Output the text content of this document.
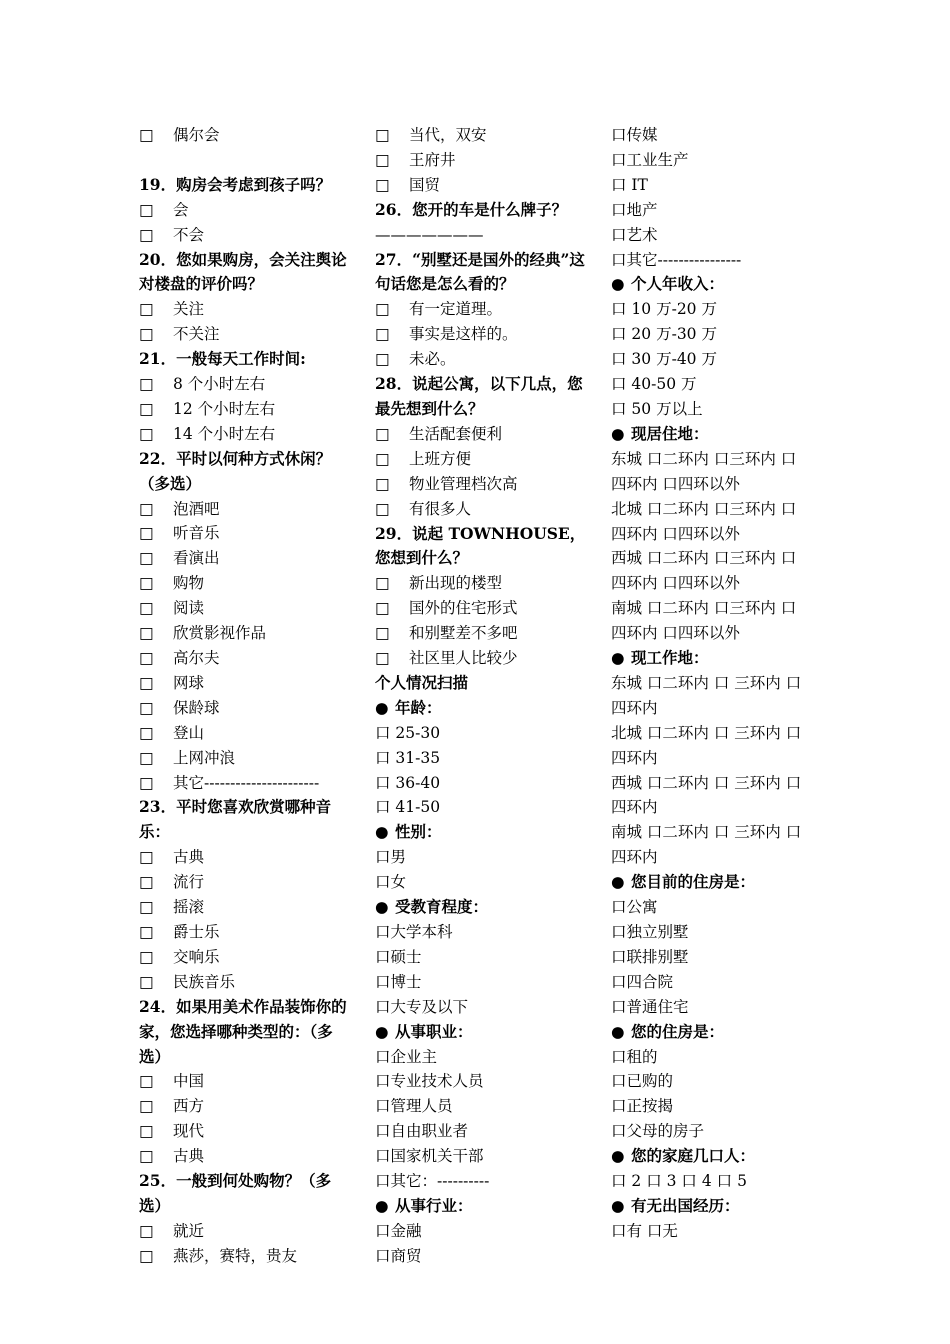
□ 偶尔会
19．购房会考虑到孩子吗？
□ 会
□ 不会
20．您如果购房，会关注舆论对楼盘的评价吗？
□ 关注
□ 不关注
21．一般每天工作时间:
□ 8 个小时左右
□ 12 个小时左右
□ 14 个小时左右
22．平时以何种方式休闲？（多选）
□ 泡酒吧
□ 听音乐
□ 看演出
□ 购物
□ 阅读
□ 欣赏影视作品
□ 高尔夫
□ 网球
□ 保龄球
□ 登山
□ 上网冲浪
□ 其它----------------------
23．平时您喜欢欣赏哪种音乐：
□ 古典
□ 流行
□ 摇滚
□ 爵士乐
□ 交响乐
□ 民族音乐
24．如果用美术作品装饰你的家，您选择哪种类型的：（多选）
□ 中国
□ 西方
□ 现代
□ 古典
25．一般到何处购物？（多选）
□ 就近
□ 燕莎，赛特，贵友
□ 当代，双安
□ 王府井
□ 国贸
26．您开的车是什么牌子？
———————
27．“别墅还是国外的经典”这句话您是怎么看的？
□ 有一定道理。
□ 事实是这样的。
□ 未必。
28．说起公寓，以下几点，您最先想到什么？
□ 生活配套便利
□ 上班方便
□ 物业管理档次高
□ 有很多人
29．说起 TOWNHOUSE，您想到什么？
□ 新出现的楼型
□ 国外的住宅形式
□ 和别墅差不多吧
□ 社区里人比较少
个人情况扫描
● 年龄：
口 25-30
口 31-35
口 36-40
口 41-50
● 性别：
口男
口女
● 受教育程度：
口大学本科
口硕士
口博士
口大专及以下
● 从事职业：
口企业主
口专业技术人员
口管理人员
口自由职业者
口国家机关干部
口其它：----------
● 从事行业：
口金融
口商贸
口传媒
口工业生产
口 IT
口地产
口艺术
口其它----------------
● 个人年收入：
口 10 万-20 万
口 20 万-30 万
口 30 万-40 万
口 40-50 万
口 50 万以上
● 现居住地：
东城 口二环内 口三环内 口
四环内 口四环以外
北城 口二环内 口三环内 口
四环内 口四环以外
西城 口二环内 口三环内 口
四环内 口四环以外
南城 口二环内 口三环内 口
四环内 口四环以外
● 现工作地：
东城 口二环内 口 三环内 口
四环内
北城 口二环内 口 三环内 口
四环内
西城 口二环内 口 三环内 口
四环内
南城 口二环内 口 三环内 口
四环内
● 您目前的住房是：
口公寓
口独立别墅
口联排别墅
口四合院
口普通住宅
● 您的住房是：
口租的
口已购的
口正按揭
口父母的房子
● 您的家庭几口人：
口 2 口 3 口 4 口 5
● 有无出国经历：
口有 口无
